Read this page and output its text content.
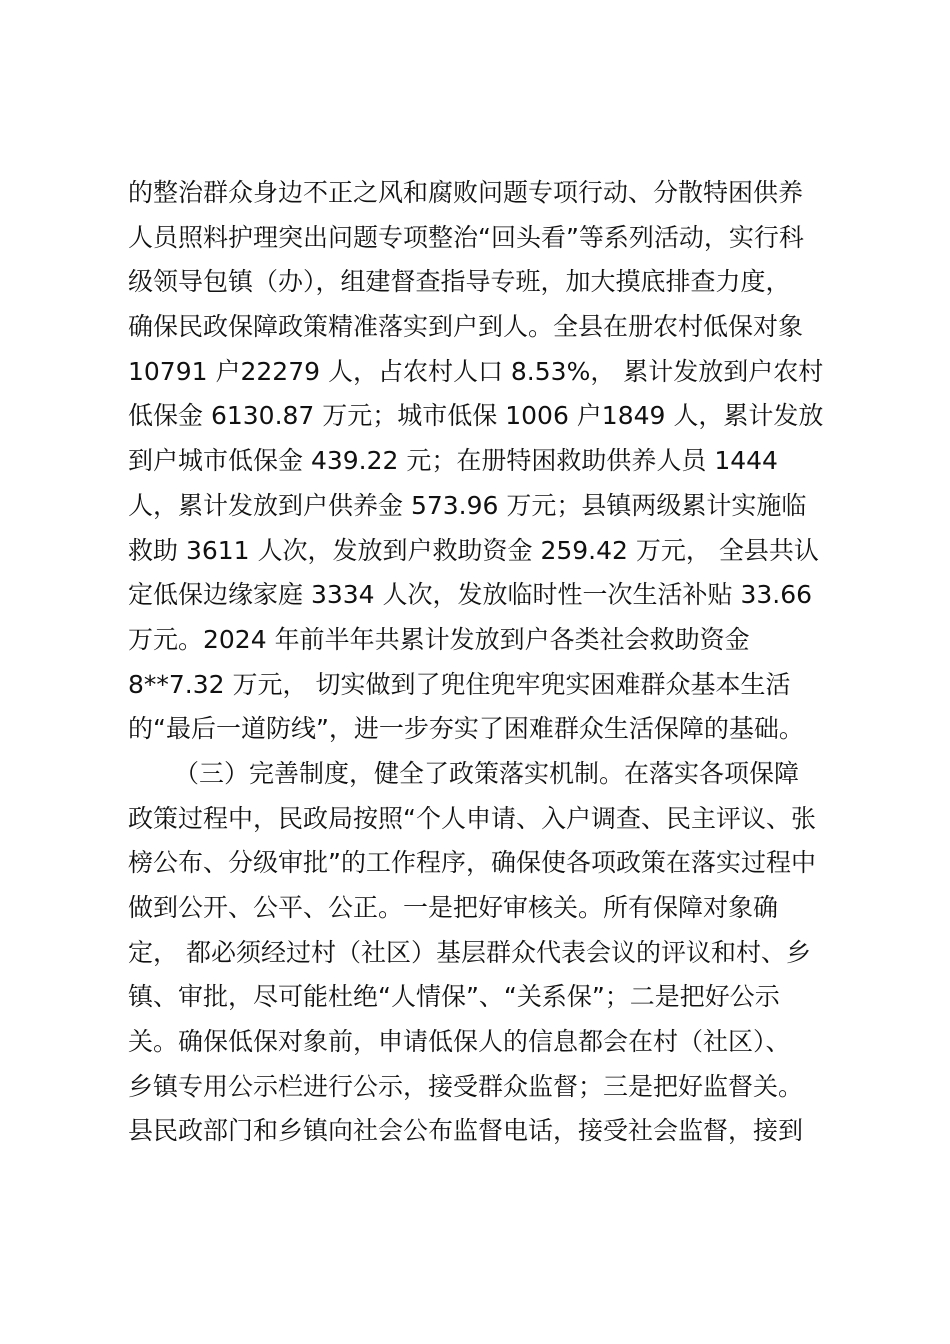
的整治群众身边不正之风和腐败问题专项行动、分散特困供养
人员照料护理突出问题专项整治“回头看”等系列活动，实行科
级领导包镇（办），组建督查指导专班，加大摸底排查力度，
确保民政保障政策精准落实到户到人。全县在册农村低保对象
10791 户22279 人，占农村人口 8.53%， 累计发放到户农村
低保金 6130.87 万元；城市低保 1006 户1849 人，累计发放
到户城市低保金 439.22 元；在册特困救助供养人员 1444
人，累计发放到户供养金 573.96 万元；县镇两级累计实施临
救助 3611 人次，发放到户救助资金 259.42 万元， 全县共认
定低保边缘家庭 3334 人次，发放临时性一次生活补贴 33.66
万元。2024 年前半年共累计发放到户各类社会救助资金
8**7.32 万元， 切实做到了兜住兜牢兜实困难群众基本生活
的“最后一道防线”，进一步夯实了困难群众生活保障的基础。
（三）完善制度，健全了政策落实机制。在落实各项保障
政策过程中，民政局按照“个人申请、入户调查、民主评议、张
榜公布、分级审批”的工作程序，确保使各项政策在落实过程中
做到公开、公平、公正。一是把好审核关。所有保障对象确
定， 都必须经过村（社区）基层群众代表会议的评议和村、乡
镇、审批，尽可能杜绝“人情保”、“关系保”；二是把好公示
关。确保低保对象前，申请低保人的信息都会在村（社区）、
乡镇专用公示栏进行公示，接受群众监督；三是把好监督关。
县民政部门和乡镇向社会公布监督电话，接受社会监督，接到
